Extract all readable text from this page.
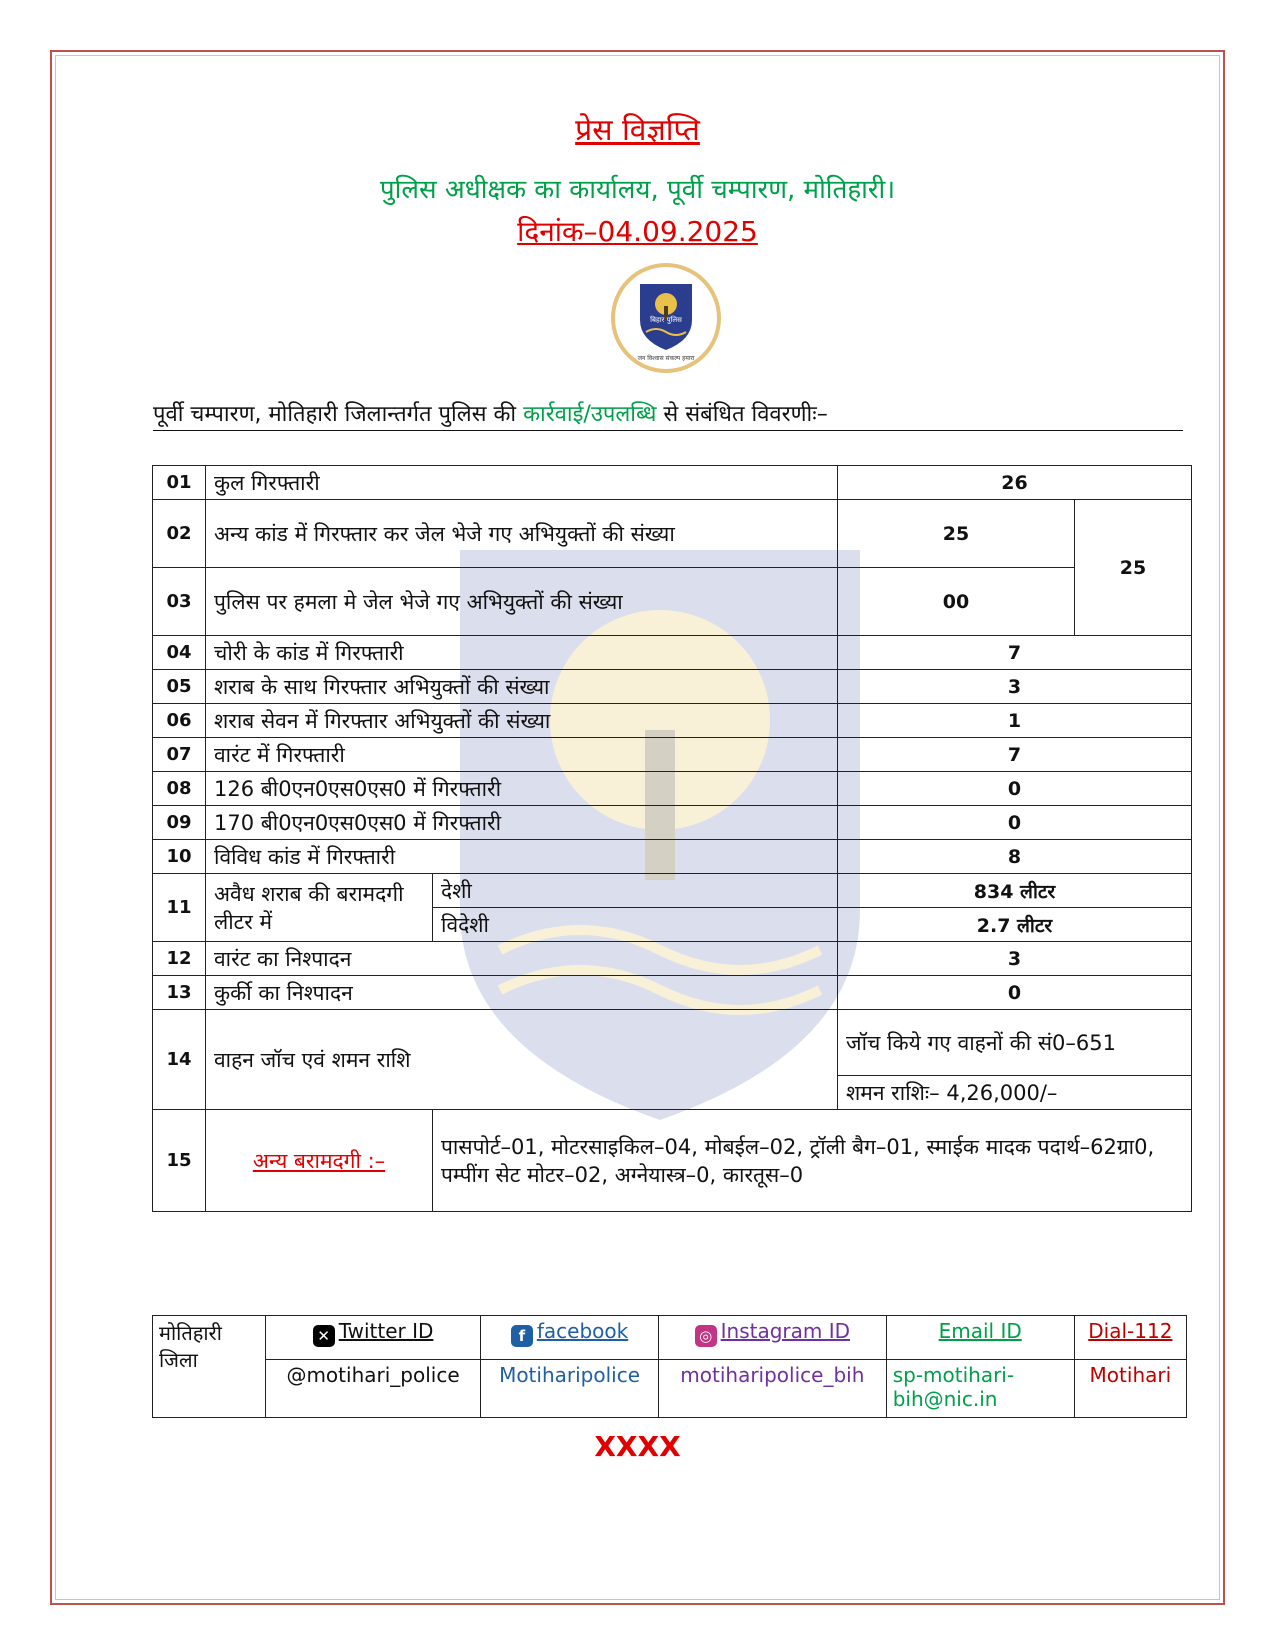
प्रेस विज्ञप्ति
पुलिस अधीक्षक का कार्यालय, पूर्वी चम्पारण, मोतिहारी।
दिनांक–04.09.2025
बिहार पुलिस
जन विश्वास संकल्प हमारा
पूर्वी चम्पारण, मोतिहारी जिलान्तर्गत पुलिस की कार्रवाई/उपलब्धि से संबंधित विवरणीः–
01	कुल गिरफ्तारी		26	
02	अन्य कांड में गिरफ्तार कर जेल भेजे गए अभियुक्तों की संख्या		25	25
03	पुलिस पर हमला मे जेल भेजे गए अभियुक्तों की संख्या		00	
04	चोरी के कांड में गिरफ्तारी		7	
05	शराब के साथ गिरफ्तार अभियुक्तों की संख्या		3	
06	शराब सेवन में गिरफ्तार अभियुक्तों की संख्या		1	
07	वारंट में गिरफ्तारी		7	
08	126 बी0एन0एस0एस0 में गिरफ्तारी		0	
09	170 बी0एन0एस0एस0 में गिरफ्तारी		0	
10	विविध कांड में गिरफ्तारी		8	
11	अवैध शराब की बरामदगी लीटर में	देशी	834 लीटर	
		विदेशी	2.7 लीटर	
12	वारंट का निश्पादन		3	
13	कुर्की का निश्पादन		0	
14	वाहन जॉच एवं शमन राशि		जॉच किये गए वाहनों की सं0–651	
			शमन राशिः– 4,26,000/–	
15	अन्य बरामदगी :–	पासपोर्ट–01, मोटरसाइकिल–04, मोबईल–02, ट्रॉली बैग–01, स्माईक मादक पदार्थ–62ग्रा0, पम्पींग सेट मोटर–02, अग्नेयास्त्र–0, कारतूस–0		
मोतिहारी जिला	✕ Twitter ID	f facebook	◎ Instagram ID	Email ID	Dial-112
	@motihari_police	Motiharipolice	motiharipolice_bih	sp-motihari-bih@nic.in	Motihari
XXXX
